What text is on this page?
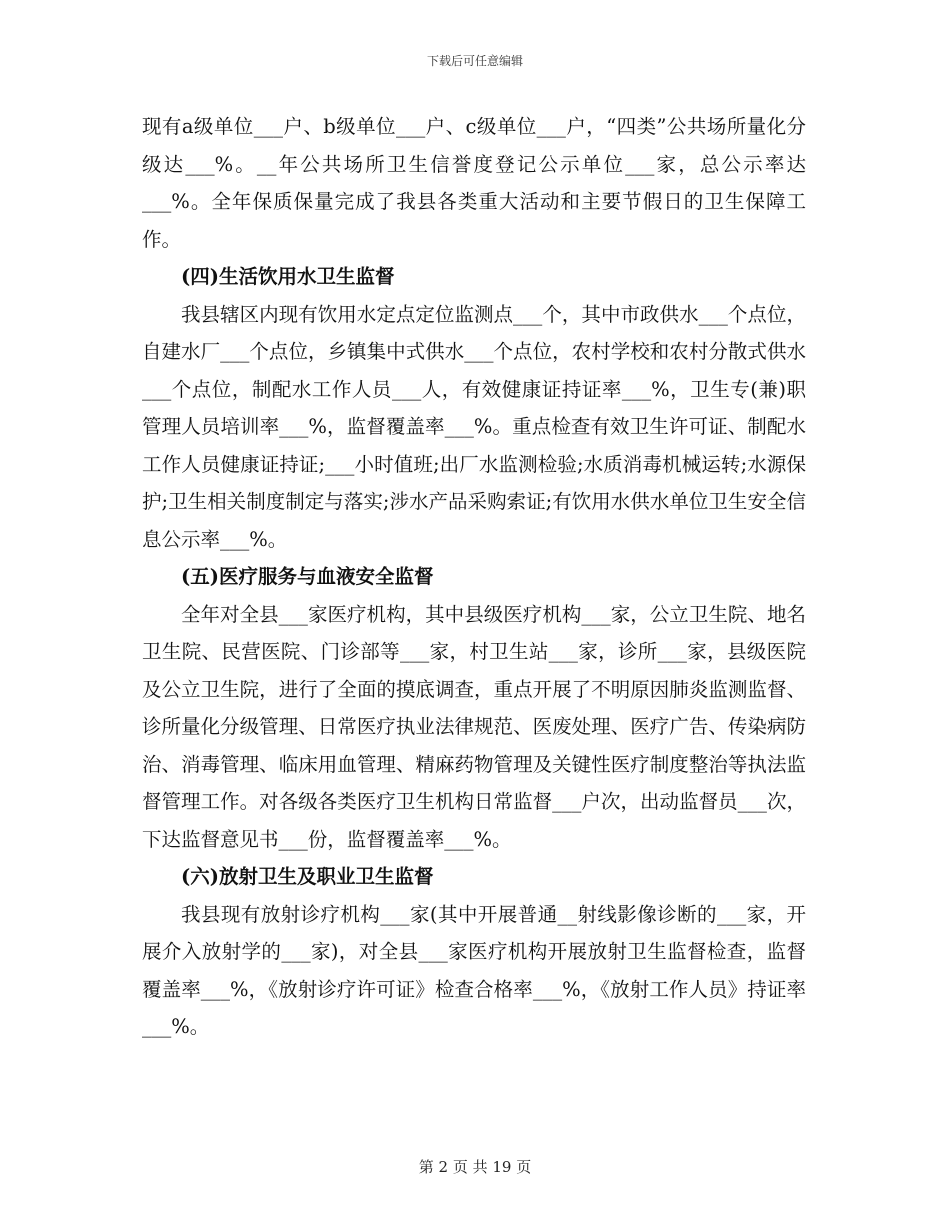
下载后可任意编辑

现有a级单位___户、b级单位___户、c级单位___户，“四类”公共场所量化分级达___%。__年公共场所卫生信誉度登记公示单位___家，总公示率达___%。全年保质保量完成了我县各类重大活动和主要节假日的卫生保障工作。

(四)生活饮用水卫生监督

我县辖区内现有饮用水定点定位监测点___个，其中市政供水___个点位，自建水厂___个点位，乡镇集中式供水___个点位，农村学校和农村分散式供水___个点位，制配水工作人员___人，有效健康证持证率___%，卫生专(兼)职管理人员培训率___%，监督覆盖率___%。重点检查有效卫生许可证、制配水工作人员健康证持证;___小时值班;出厂水监测检验;水质消毒机械运转;水源保护;卫生相关制度制定与落实;涉水产品采购索证;有饮用水供水单位卫生安全信息公示率___%。

(五)医疗服务与血液安全监督

全年对全县___家医疗机构，其中县级医疗机构___家，公立卫生院、地名卫生院、民营医院、门诊部等___家，村卫生站___家，诊所___家，县级医院及公立卫生院，进行了全面的摸底调查，重点开展了不明原因肺炎监测监督、诊所量化分级管理、日常医疗执业法律规范、医废处理、医疗广告、传染病防治、消毒管理、临床用血管理、精麻药物管理及关键性医疗制度整治等执法监督管理工作。对各级各类医疗卫生机构日常监督___户次，出动监督员___次，下达监督意见书___份，监督覆盖率___%。

(六)放射卫生及职业卫生监督

我县现有放射诊疗机构___家(其中开展普通__射线影像诊断的___家，开展介入放射学的___家)，对全县___家医疗机构开展放射卫生监督检查，监督覆盖率___%，《放射诊疗许可证》检查合格率___%，《放射工作人员》持证率___%。

第 2 页 共 19 页
